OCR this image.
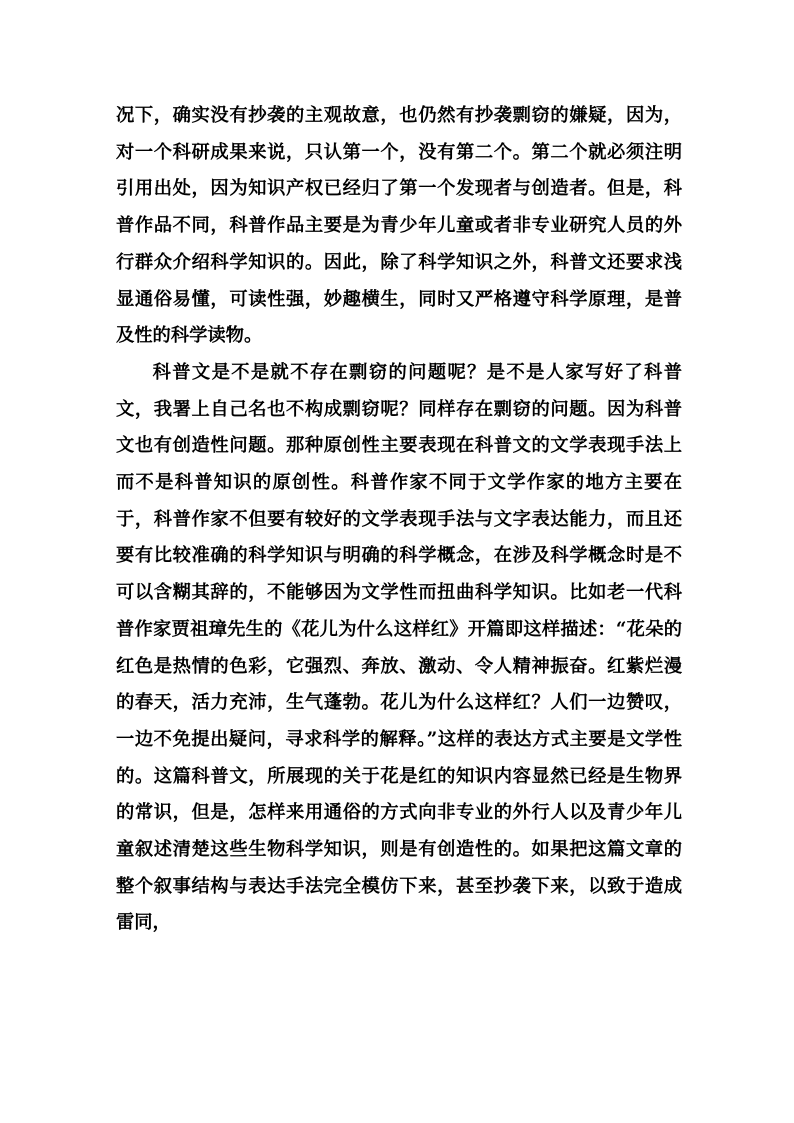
况下，确实没有抄袭的主观故意，也仍然有抄袭剽窃的嫌疑，因为，对一个科研成果来说，只认第一个，没有第二个。第二个就必须注明引用出处，因为知识产权已经归了第一个发现者与创造者。但是，科普作品不同，科普作品主要是为青少年儿童或者非专业研究人员的外行群众介绍科学知识的。因此，除了科学知识之外，科普文还要求浅显通俗易懂，可读性强，妙趣横生，同时又严格遵守科学原理，是普及性的科学读物。

科普文是不是就不存在剽窃的问题呢？是不是人家写好了科普文，我署上自己名也不构成剽窃呢？同样存在剽窃的问题。因为科普文也有创造性问题。那种原创性主要表现在科普文的文学表现手法上而不是科普知识的原创性。科普作家不同于文学作家的地方主要在于，科普作家不但要有较好的文学表现手法与文字表达能力，而且还要有比较准确的科学知识与明确的科学概念，在涉及科学概念时是不可以含糊其辞的，不能够因为文学性而扭曲科学知识。比如老一代科普作家贾祖璋先生的《花儿为什么这样红》开篇即这样描述：“花朵的红色是热情的色彩，它强烈、奔放、激动、令人精神振奋。红紫烂漫的春天，活力充沛，生气蓬勃。花儿为什么这样红？人们一边赞叹，一边不免提出疑问，寻求科学的解释。”这样的表达方式主要是文学性的。这篇科普文，所展现的关于花是红的知识内容显然已经是生物界的常识，但是，怎样来用通俗的方式向非专业的外行人以及青少年儿童叙述清楚这些生物科学知识，则是有创造性的。如果把这篇文章的整个叙事结构与表达手法完全模仿下来，甚至抄袭下来，以致于造成雷同，
